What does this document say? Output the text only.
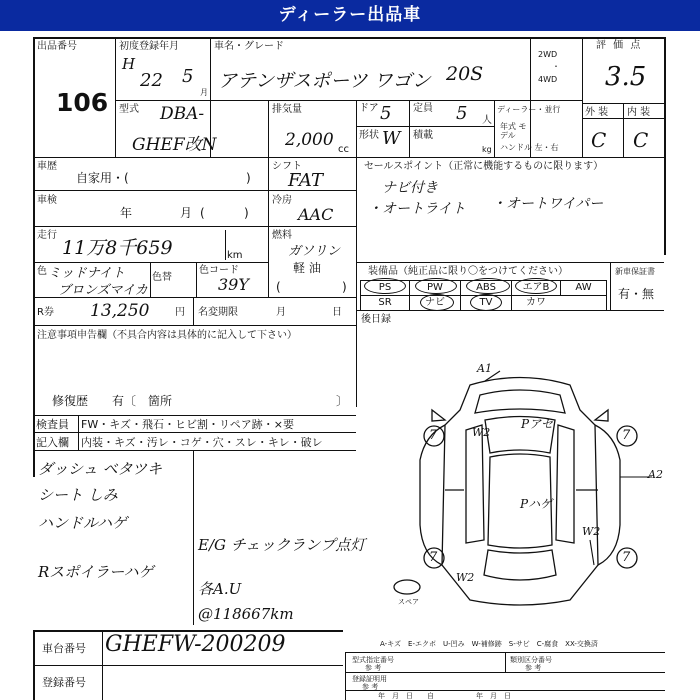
ディーラー出品車
出品番号
106
初度登録年月
H
22 5
月
車名・グレード
アテンザスポーツ ワゴン 20S
2WD
・
4WD
評 価 点
3.5
外 装 内 装
C C
型式 DBA-
GHEF改N
排気量
2,000 cc
ドア 5 定員 5 人
形状 W 積載
kg
ディーラー・並行
年式 モデル
ハンドル 左・右
車歴
自家用・(	)
シフト
FAT
セールスポイント（正常に機能するものに限ります）
ナビ付き
・オートライト ・オートワイパー
車検
年	月 (	)
冷房
AAC
走行
11万8千659	km
燃料
ガソリン
軽 油
(	)
色 ミッドナイト
ブロンズマイカ
色替
色コード
39Y
装備品（純正品に限り〇をつけてください）	新車保証書
有・無
PS	PW	ABS	エアB	AW
SR	ナビ	TV	カワ
R券 13,250	円 名変期限	月	日
後日録
注意事項申告欄（不具合内容は具体的に記入して下さい）
修復歴　　有〔 箇所	〕
検査員
記入欄
FW・キズ・飛石・ヒビ割・リペア跡・×要
内装・キズ・汚レ・コゲ・穴・スレ・キレ・破レ
ダッシュ ベタツキ
シート しみ
ハンドルハゲ
Rスポイラーハゲ
E/G チェックランプ点灯
各A.U
@118667km
A1
A2
W2
W2
W2
Pアセ
Pハゲ
スペア
7	7
7	7
車台番号 GHEFW-200209
登録番号
A-キズ　E-エクボ　U-凹み　W-補修跡　S-サビ　C-腐食　XX-交換済
型式指定番号
参 考
類別区分番号
参 考
登録証明用
参 考
年　月　日　　自　　　　　　年　月　日
